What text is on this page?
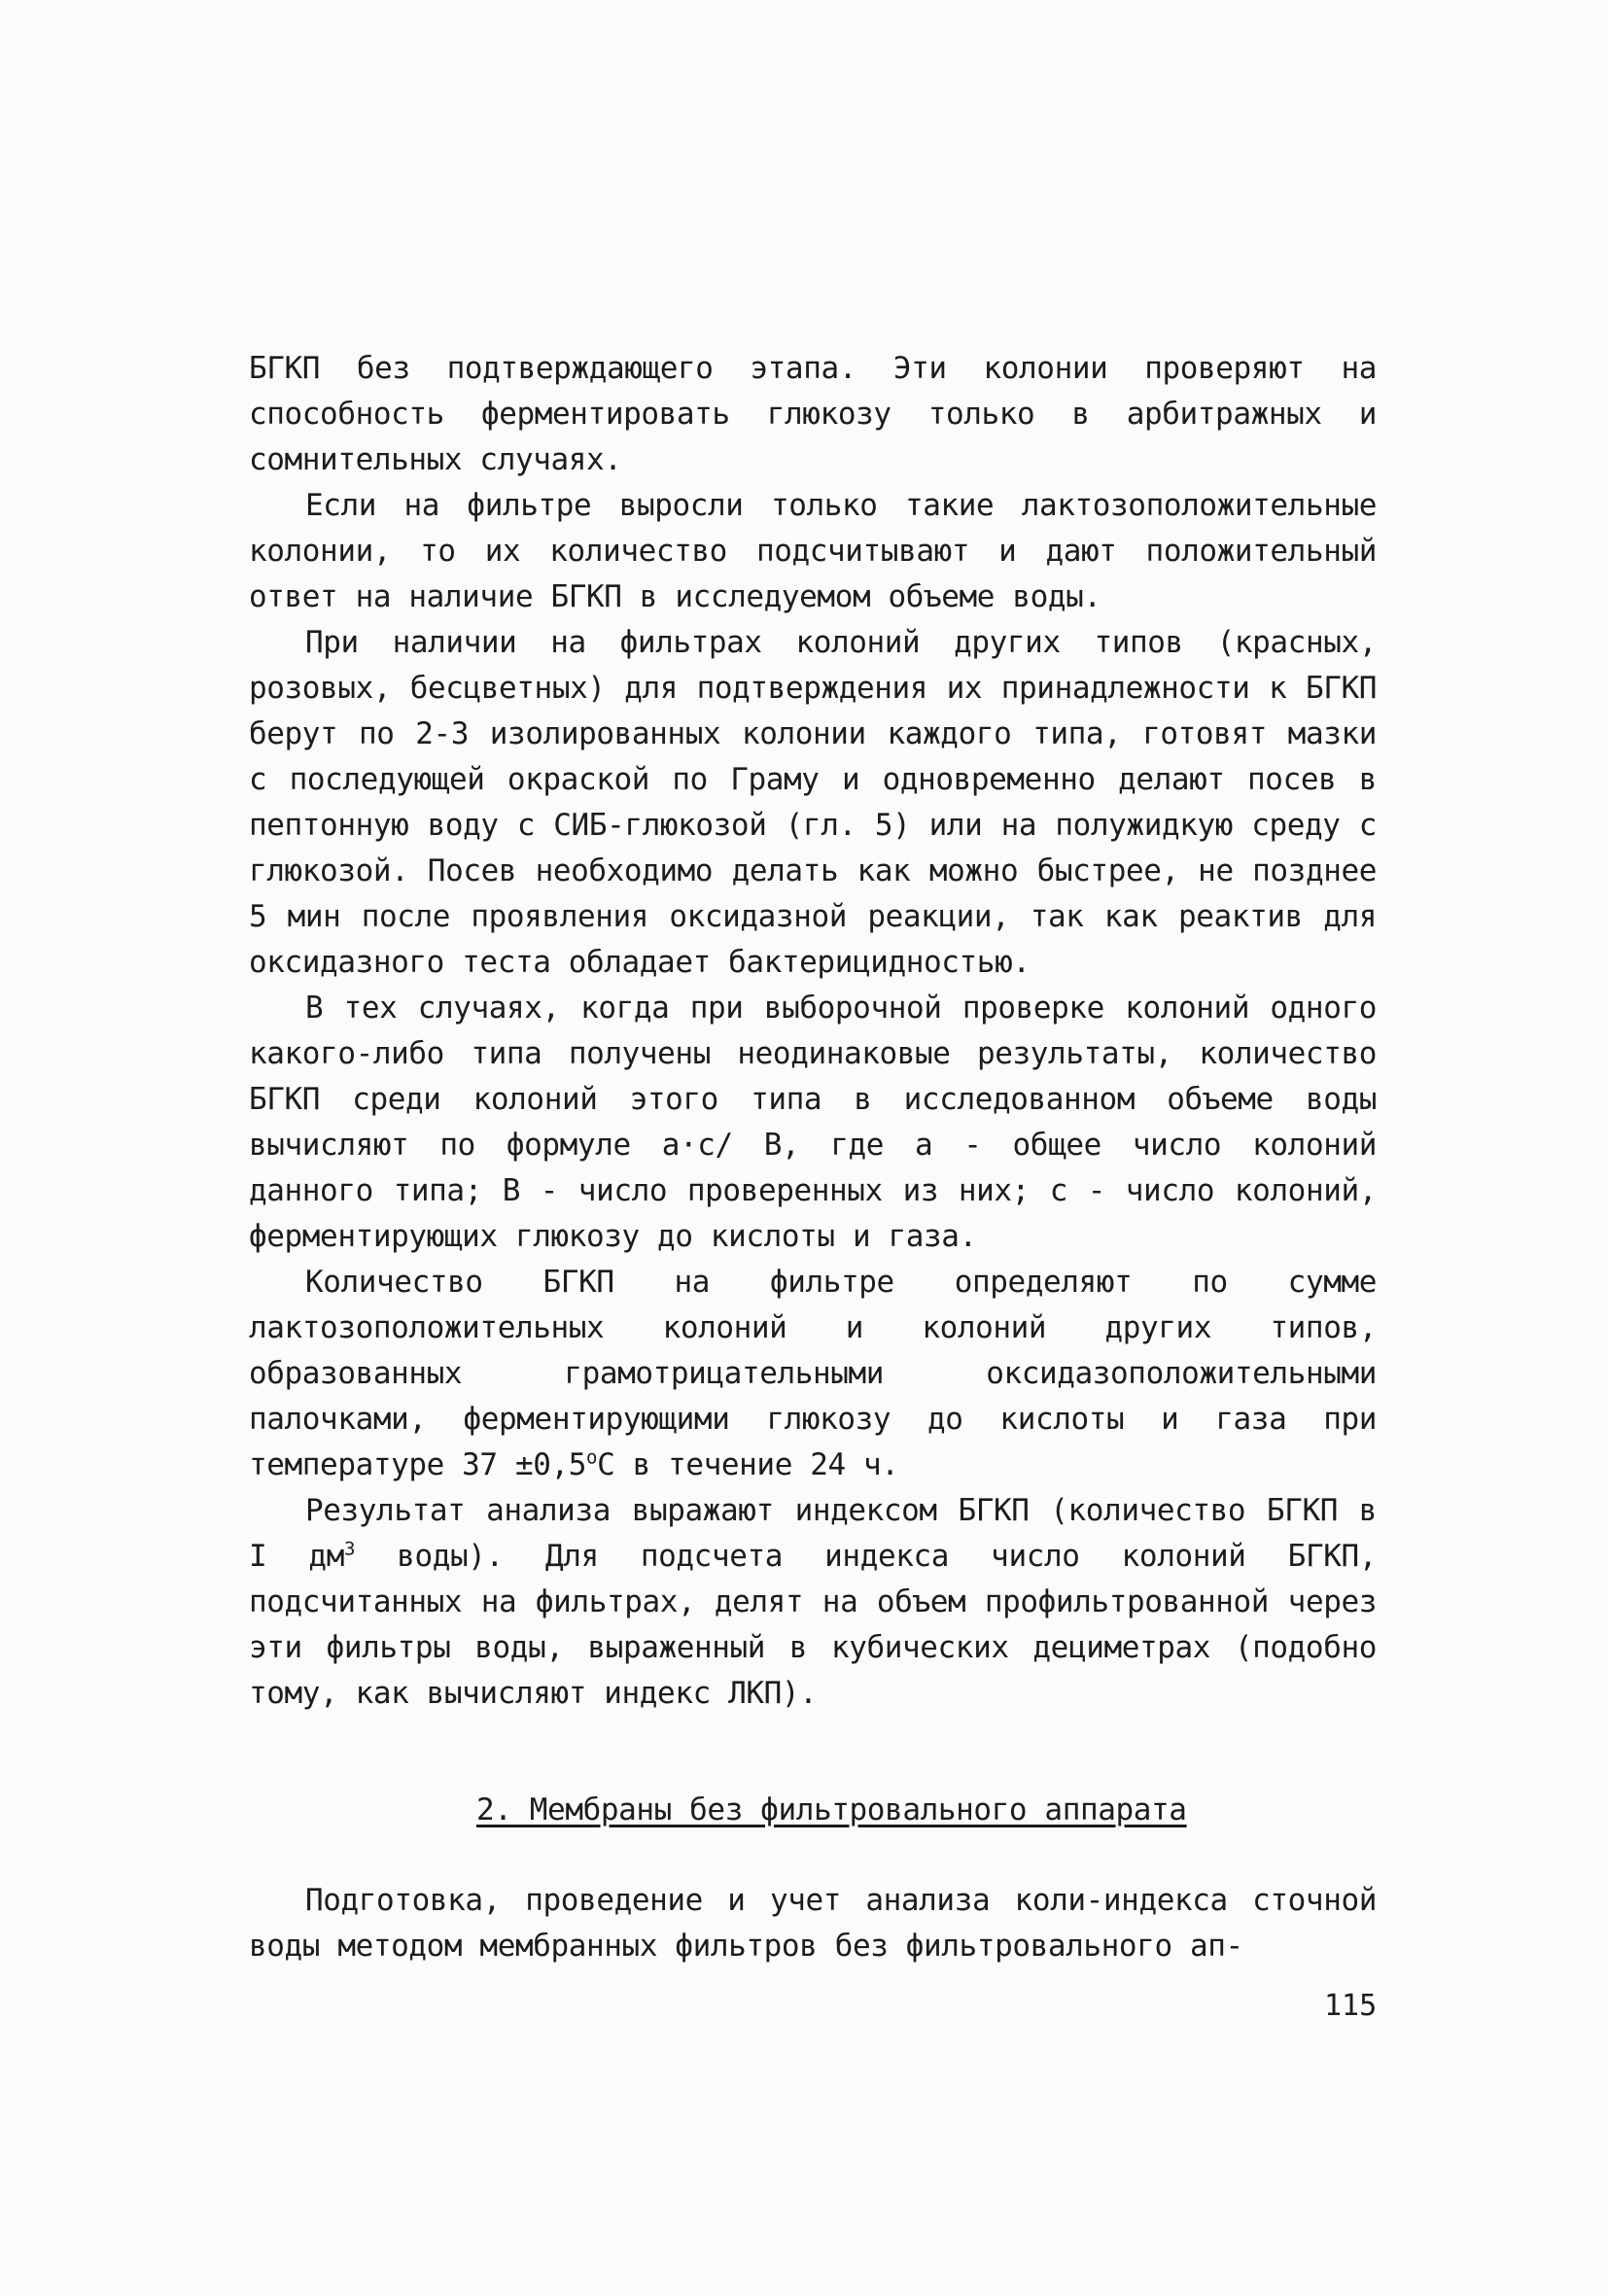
БГКП без подтверждающего этапа. Эти колонии проверяют на способность ферментировать глюкозу только в арбитражных и сомнительных случаях.

Если на фильтре выросли только такие лактозоположительные колонии, то их количество подсчитывают и дают положительный ответ на наличие БГКП в исследуемом объеме воды.

При наличии на фильтрах колоний других типов (красных, розовых, бесцветных) для подтверждения их принадлежности к БГКП берут по 2-3 изолированных колонии каждого типа, готовят мазки с последующей окраской по Граму и одновременно делают посев в пептонную воду с СИБ-глюкозой (гл. 5) или на полужидкую среду с глюкозой. Посев необходимо делать как можно быстрее, не позднее 5 мин после проявления оксидазной реакции, так как реактив для оксидазного теста обладает бактерицидностью.

В тех случаях, когда при выборочной проверке колоний одного какого-либо типа получены неодинаковые результаты, количество БГКП среди колоний этого типа в исследованном объеме воды вычисляют по формуле а·с/ В, где а - общее число колоний данного типа; В - число проверенных из них; с - число колоний, ферментирующих глюкозу до кислоты и газа.

Количество БГКП на фильтре определяют по сумме лактозоположительных колоний и колоний других типов, образованных грамотрицательными оксидазоположительными палочками, ферментирующими глюкозу до кислоты и газа при температуре $37 \pm 0,5^оС$ в течение 24 ч.

Результат анализа выражают индексом БГКП (количество БГКП в I $дм^3$ воды). Для подсчета индекса число колоний БГКП, подсчитанных на фильтрах, делят на объем профильтрованной через эти фильтры воды, выраженный в кубических дециметрах (подобно тому, как вычисляют индекс ЛКП).

2. Мембраны без фильтровального аппарата

Подготовка, проведение и учет анализа коли-индекса сточной воды методом мембранных фильтров без фильтровального ап-

115
